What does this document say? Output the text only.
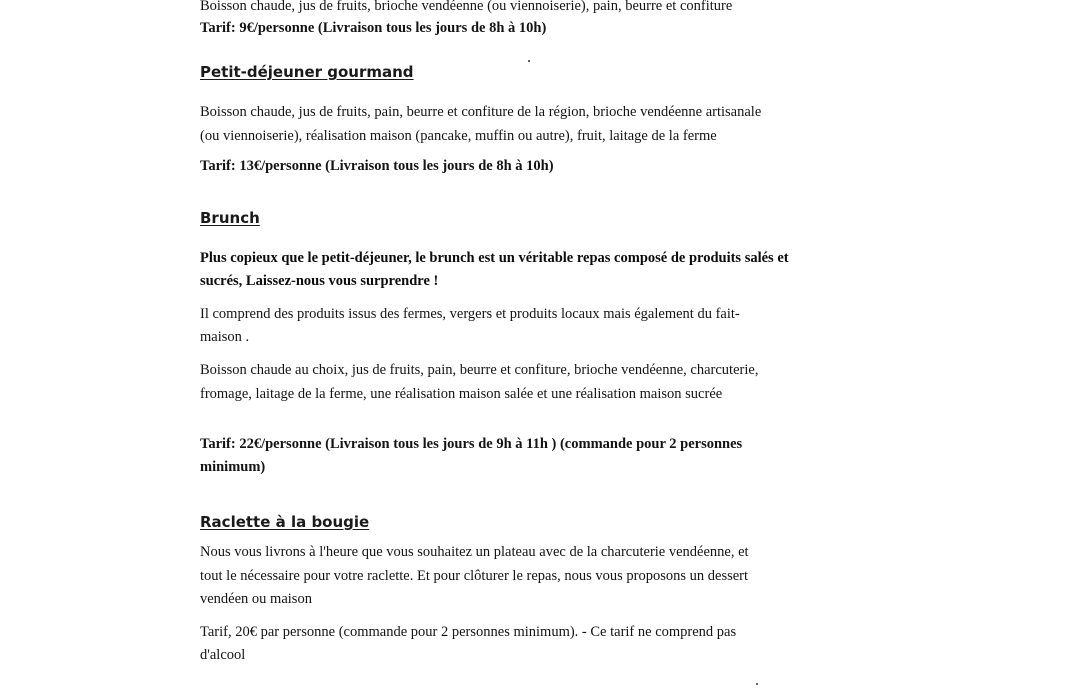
Boisson chaude, jus de fruits, brioche vendéenne (ou viennoiserie), pain, beurre et confiture
Tarif: 9€/personne (Livraison tous les jours de 8h à 10h)
Petit-déjeuner gourmand
Boisson chaude, jus de fruits, pain, beurre et confiture de la région, brioche vendéenne artisanale
(ou viennoiserie), réalisation maison (pancake, muffin ou autre), fruit, laitage de la ferme
Tarif: 13€/personne (Livraison tous les jours de 8h à 10h)
Brunch
Plus copieux que le petit-déjeuner, le brunch est un véritable repas composé de produits salés et
sucrés, Laissez-nous vous surprendre !
Il comprend des produits issus des fermes, vergers et produits locaux mais également du fait-
maison .
Boisson chaude au choix, jus de fruits, pain, beurre et confiture, brioche vendéenne, charcuterie,
fromage, laitage de la ferme, une réalisation maison salée et une réalisation maison sucrée
Tarif: 22€/personne (Livraison tous les jours de 9h à 11h ) (commande pour 2 personnes
minimum)
Raclette à la bougie
Nous vous livrons à l'heure que vous souhaitez un plateau avec de la charcuterie vendéenne, et
tout le nécessaire pour votre raclette. Et pour clôturer le repas, nous vous proposons un dessert
vendéen ou maison
Tarif, 20€ par personne (commande pour 2 personnes minimum). - Ce tarif ne comprend pas
d'alcool
